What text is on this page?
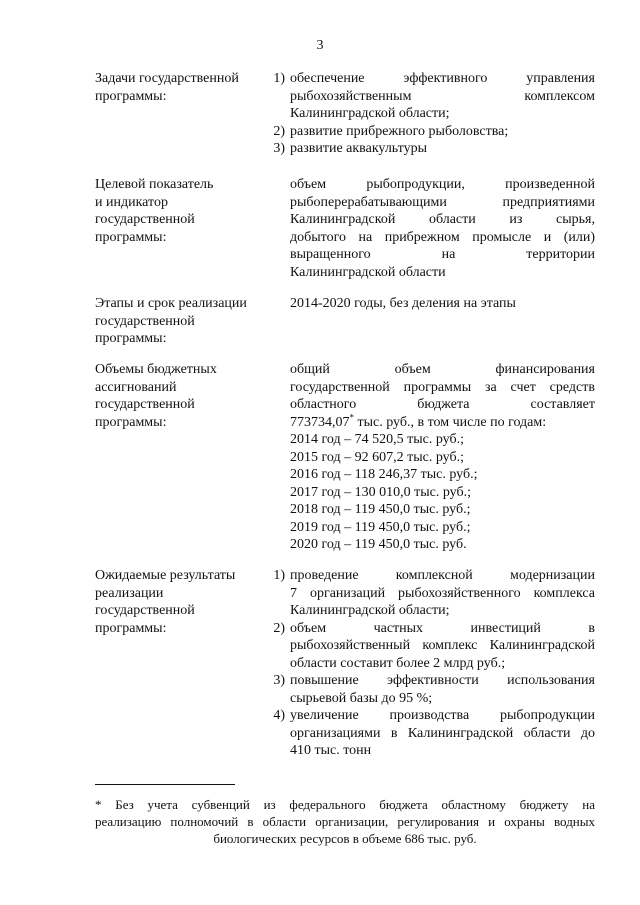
3
Задачи государственной
программы:
1) обеспечение эффективного управления
рыбохозяйственным комплексом
Калининградской области;
2) развитие прибрежного рыболовства;
3) развитие аквакультуры
Целевой показатель
и индикатор
государственной
программы:
объем рыбопродукции, произведенной
рыбоперерабатывающими предприятиями
Калининградской области из сырья,
добытого на прибрежном промысле и (или)
выращенного на территории
Калининградской области
Этапы и срок реализации
государственной
программы:
2014-2020 годы, без деления на этапы
Объемы бюджетных
ассигнований
государственной
программы:
общий объем финансирования
государственной программы за счет средств
областного бюджета составляет
773734,07* тыс. руб., в том числе по годам:
2014 год – 74 520,5 тыс. руб.;
2015 год – 92 607,2 тыс. руб.;
2016 год – 118 246,37 тыс. руб.;
2017 год – 130 010,0 тыс. руб.;
2018 год – 119 450,0 тыс. руб.;
2019 год – 119 450,0 тыс. руб.;
2020 год – 119 450,0 тыс. руб.
Ожидаемые результаты
реализации
государственной
программы:
1) проведение комплексной модернизации
7 организаций рыбохозяйственного комплекса
Калининградской области;
2) объем частных инвестиций в
рыбохозяйственный комплекс Калининградской
области составит более 2 млрд руб.;
3) повышение эффективности использования
сырьевой базы до 95 %;
4) увеличение производства рыбопродукции
организациями в Калининградской области до
410 тыс. тонн
* Без учета субвенций из федерального бюджета областному бюджету на
реализацию полномочий в области организации, регулирования и охраны водных
биологических ресурсов в объеме 686 тыс. руб.
